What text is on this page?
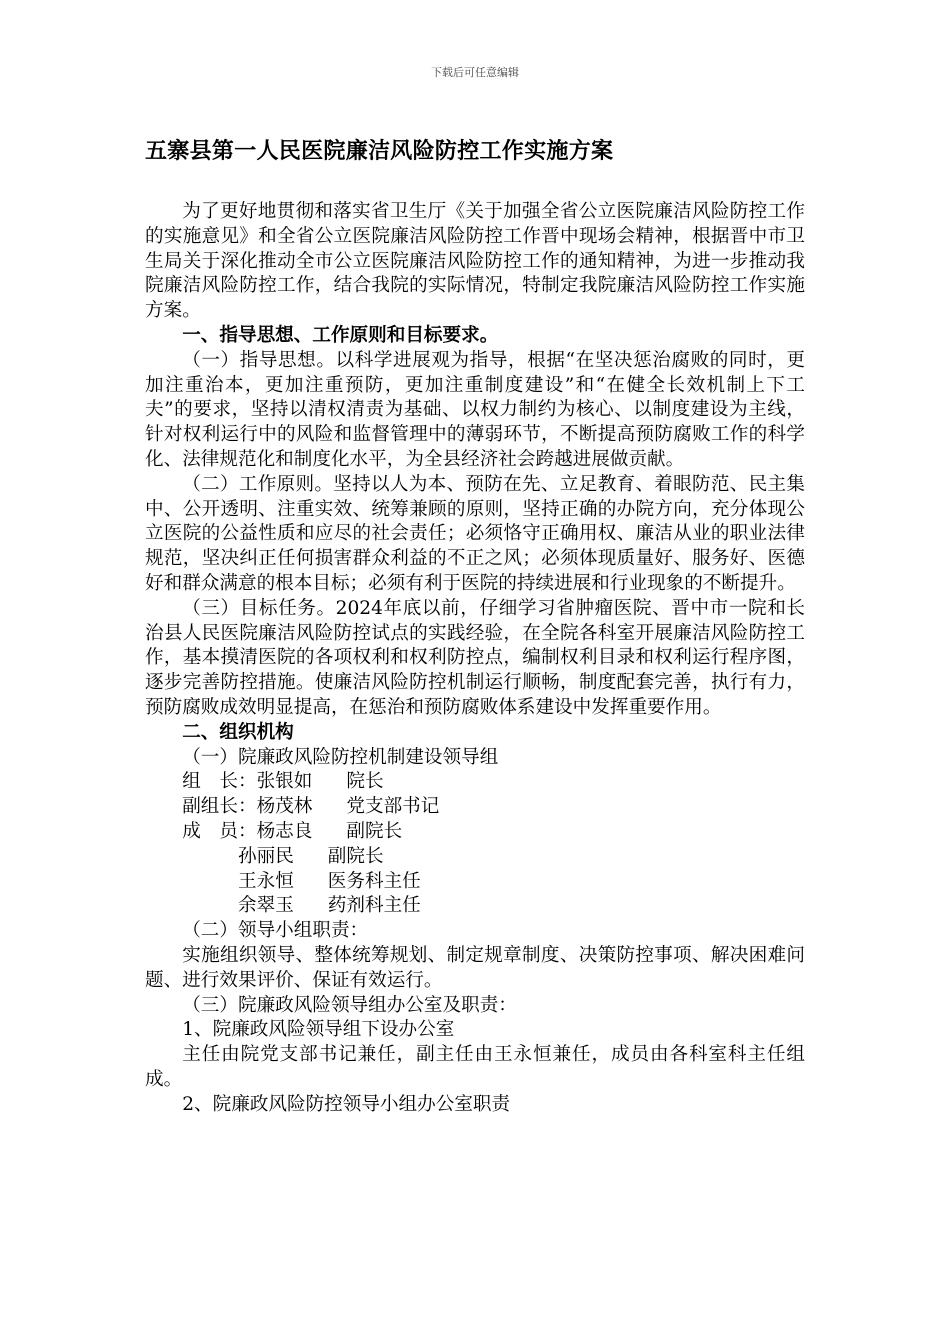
下载后可任意编辑
五寨县第一人民医院廉洁风险防控工作实施方案

为了更好地贯彻和落实省卫生厅《关于加强全省公立医院廉洁风险防控工作的实施意见》和全省公立医院廉洁风险防控工作晋中现场会精神，根据晋中市卫生局关于深化推动全市公立医院廉洁风险防控工作的通知精神，为进一步推动我院廉洁风险防控工作，结合我院的实际情况，特制定我院廉洁风险防控工作实施方案。

一、指导思想、工作原则和目标要求。

（一）指导思想。以科学进展观为指导，根据“在坚决惩治腐败的同时，更加注重治本，更加注重预防，更加注重制度建设”和“在健全长效机制上下工夫”的要求，坚持以清权清责为基础、以权力制约为核心、以制度建设为主线，针对权利运行中的风险和监督管理中的薄弱环节，不断提高预防腐败工作的科学化、法律规范化和制度化水平，为全县经济社会跨越进展做贡献。

（二）工作原则。坚持以人为本、预防在先、立足教育、着眼防范、民主集中、公开透明、注重实效、统筹兼顾的原则，坚持正确的办院方向，充分体现公立医院的公益性质和应尽的社会责任；必须恪守正确用权、廉洁从业的职业法律规范，坚决纠正任何损害群众利益的不正之风；必须体现质量好、服务好、医德好和群众满意的根本目标；必须有利于医院的持续进展和行业现象的不断提升。

（三）目标任务。2024年底以前，仔细学习省肿瘤医院、晋中市一院和长治县人民医院廉洁风险防控试点的实践经验，在全院各科室开展廉洁风险防控工作，基本摸清医院的各项权利和权利防控点，编制权利目录和权利运行程序图，逐步完善防控措施。使廉洁风险防控机制运行顺畅，制度配套完善，执行有力，预防腐败成效明显提高，在惩治和预防腐败体系建设中发挥重要作用。

二、组织机构

（一）院廉政风险防控机制建设领导组

组　长：张银如 院长

副组长：杨茂林 党支部书记

成　员：杨志良 副院长

孙丽民 副院长

王永恒 医务科主任

余翠玉 药剂科主任

（二）领导小组职责：

实施组织领导、整体统筹规划、制定规章制度、决策防控事项、解决困难问题、进行效果评价、保证有效运行。

（三）院廉政风险领导组办公室及职责：

1、院廉政风险领导组下设办公室

主任由院党支部书记兼任，副主任由王永恒兼任，成员由各科室科主任组成。

2、院廉政风险防控领导小组办公室职责
